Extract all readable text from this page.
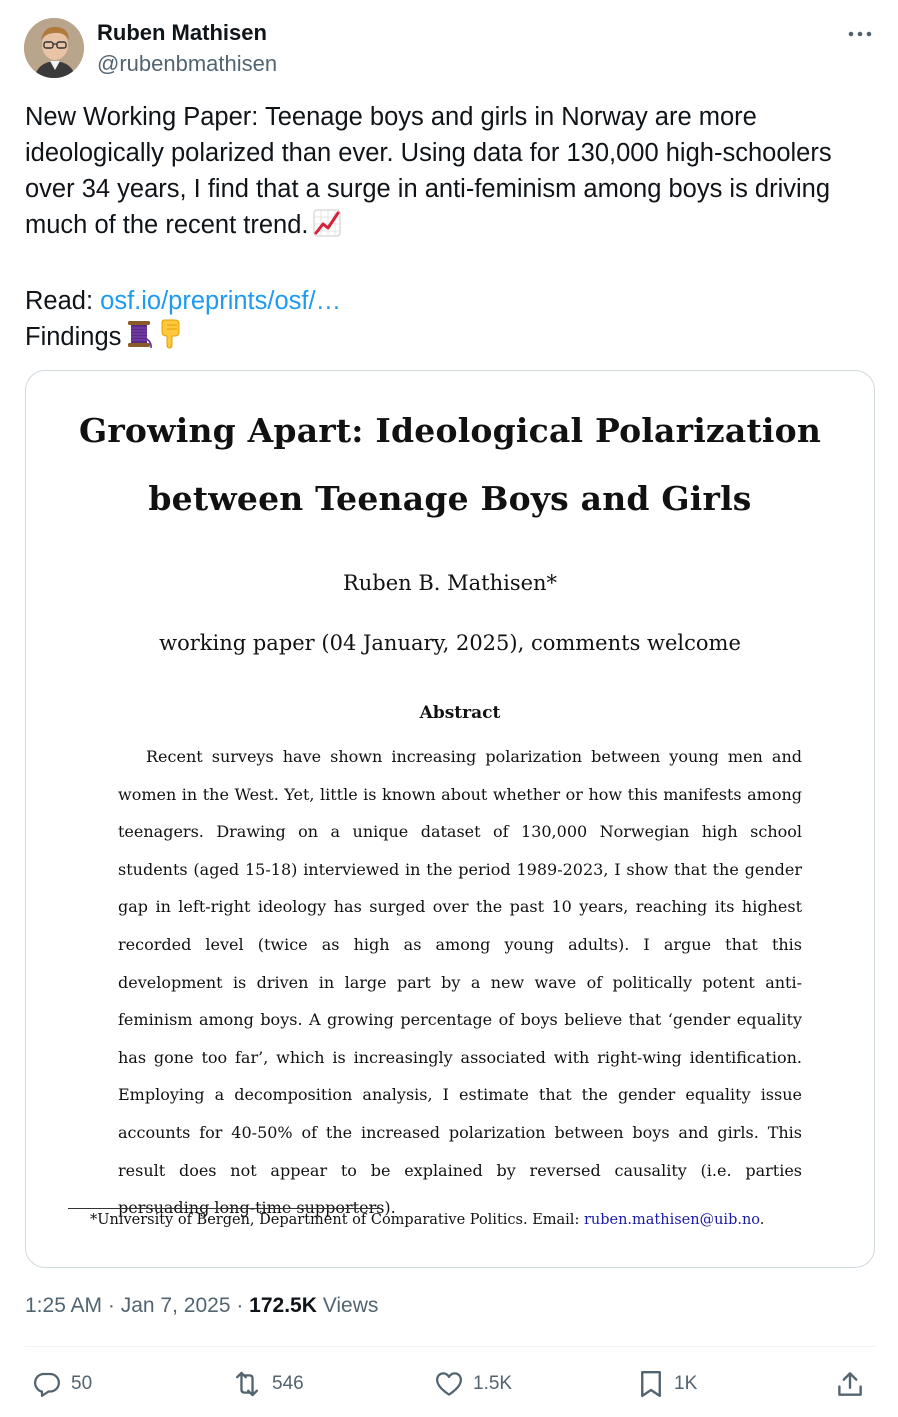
Ruben Mathisen
@rubenbmathisen

New Working Paper: Teenage boys and girls in Norway are more ideologically polarized than ever. Using data for 130,000 high-schoolers over 34 years, I find that a surge in anti-feminism among boys is driving much of the recent trend.

Read: osf.io/preprints/osf/…

Findings

Growing Apart: Ideological Polarization
between Teenage Boys and Girls
Ruben B. Mathisen*
working paper (04 January, 2025), comments welcome
Abstract

Recent surveys have shown increasing polarization between young men and women in the West. Yet, little is known about whether or how this manifests among teenagers. Drawing on a unique dataset of 130,000 Norwegian high school students (aged 15-18) interviewed in the period 1989-2023, I show that the gender gap in left-right ideology has surged over the past 10 years, reaching its highest recorded level (twice as high as among young adults). I argue that this development is driven in large part by a new wave of politically potent anti-feminism among boys. A growing percentage of boys believe that ‘gender equality has gone too far’, which is increasingly associated with right-wing identification. Employing a decomposition analysis, I estimate that the gender equality issue accounts for 40-50% of the increased polarization between boys and girls. This result does not appear to be explained by reversed causality (i.e. parties persuading long-time supporters).

*University of Bergen, Department of Comparative Politics. Email: ruben.mathisen@uib.no.
1:25 AM · Jan 7, 2025 · 172.5K Views
50	546	1.5K	1K
